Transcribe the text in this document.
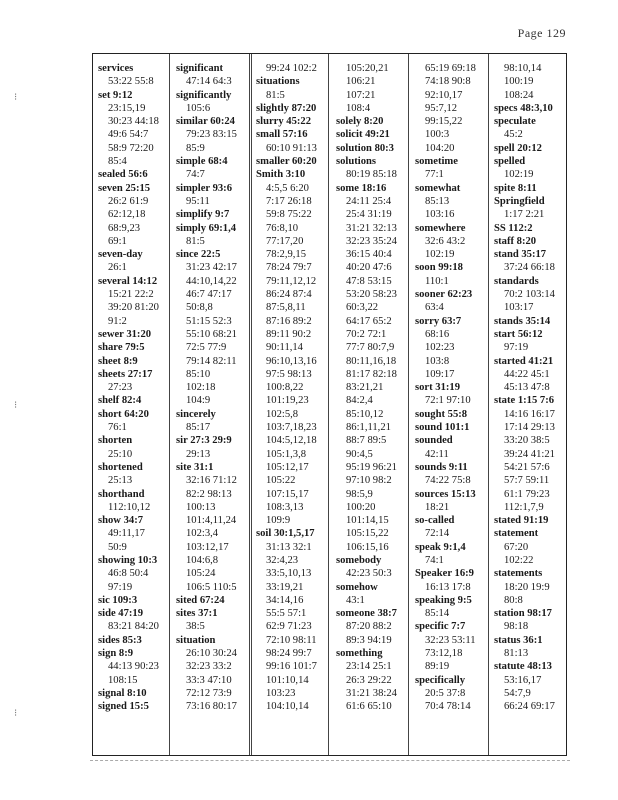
Page 129
services
53:22 55:8
set 9:12
23:15,19
30:23 44:18
49:6 54:7
58:9 72:20
85:4
sealed 56:6
seven 25:15
26:2 61:9
62:12,18
68:9,23
69:1
seven-day
26:1
several 14:12
15:21 22:2
39:20 81:20
91:2
sewer 31:20
share 79:5
sheet 8:9
sheets 27:17
27:23
shelf 82:4
short 64:20
76:1
shorten
25:10
shortened
25:13
shorthand
112:10,12
show 34:7
49:11,17
50:9
showing 10:3
46:8 50:4
97:19
sic 109:3
side 47:19
83:21 84:20
sides 85:3
sign 8:9
44:13 90:23
108:15
signal 8:10
signed 15:5
significant
47:14 64:3
significantly
105:6
similar 60:24
79:23 83:15
85:9
simple 68:4
74:7
simpler 93:6
95:11
simplify 9:7
simply 69:1,4
81:5
since 22:5
31:23 42:17
44:10,14,22
46:7 47:17
50:8,8
51:15 52:3
55:10 68:21
72:5 77:9
79:14 82:11
85:10
102:18
104:9
sincerely
85:17
sir 27:3 29:9
29:13
site 31:1
32:16 71:12
82:2 98:13
100:13
101:4,11,24
102:3,4
103:12,17
104:6,8
105:24
106:5 110:5
sited 67:24
sites 37:1
38:5
situation
26:10 30:24
32:23 33:2
33:3 47:10
72:12 73:9
73:16 80:17
99:24 102:2
situations
81:5
slightly 87:20
slurry 45:22
small 57:16
60:10 91:13
smaller 60:20
Smith 3:10
4:5,5 6:20
7:17 26:18
59:8 75:22
76:8,10
77:17,20
78:2,9,15
78:24 79:7
79:11,12,12
86:24 87:4
87:5,8,11
87:16 89:2
89:11 90:2
90:11,14
96:10,13,16
97:5 98:13
100:8,22
101:19,23
102:5,8
103:7,18,23
104:5,12,18
105:1,3,8
105:12,17
105:22
107:15,17
108:3,13
109:9
soil 30:1,5,17
31:13 32:1
32:4,23
33:5,10,13
33:19,21
34:14,16
55:5 57:1
62:9 71:23
72:10 98:11
98:24 99:7
99:16 101:7
101:10,14
103:23
104:10,14
105:20,21
106:21
107:21
108:4
solely 8:20
solicit 49:21
solution 80:3
solutions
80:19 85:18
some 18:16
24:11 25:4
25:4 31:19
31:21 32:13
32:23 35:24
36:15 40:4
40:20 47:6
47:8 53:15
53:20 58:23
60:3,22
64:17 65:2
70:2 72:1
77:7 80:7,9
80:11,16,18
81:17 82:18
83:21,21
84:2,4
85:10,12
86:1,11,21
88:7 89:5
90:4,5
95:19 96:21
97:10 98:2
98:5,9
100:20
101:14,15
105:15,22
106:15,16
somebody
42:23 50:3
somehow
43:1
someone 38:7
87:20 88:2
89:3 94:19
something
23:14 25:1
26:3 29:22
31:21 38:24
61:6 65:10
65:19 69:18
74:18 90:8
92:10,17
95:7,12
99:15,22
100:3
104:20
sometime
77:1
somewhat
85:13
103:16
somewhere
32:6 43:2
102:19
soon 99:18
110:1
sooner 62:23
63:4
sorry 63:7
68:16
102:23
103:8
109:17
sort 31:19
72:1 97:10
sought 55:8
sound 101:1
sounded
42:11
sounds 9:11
74:22 75:8
sources 15:13
18:21
so-called
72:14
speak 9:1,4
74:1
Speaker 16:9
16:13 17:8
speaking 9:5
85:14
specific 7:7
32:23 53:11
73:12,18
89:19
specifically
20:5 37:8
70:4 78:14
98:10,14
100:19
108:24
specs 48:3,10
speculate
45:2
spell 20:12
spelled
102:19
spite 8:11
Springfield
1:17 2:21
SS 112:2
staff 8:20
stand 35:17
37:24 66:18
standards
70:2 103:14
103:17
stands 35:14
start 56:12
97:19
started 41:21
44:22 45:1
45:13 47:8
state 1:15 7:6
14:16 16:17
17:14 29:13
33:20 38:5
39:24 41:21
54:21 57:6
57:7 59:11
61:1 79:23
112:1,7,9
stated 91:19
statement
67:20
102:22
statements
18:20 19:9
80:8
station 98:17
98:18
status 36:1
81:13
statute 48:13
53:16,17
54:7,9
66:24 69:17
⁝
⁝
⁝
